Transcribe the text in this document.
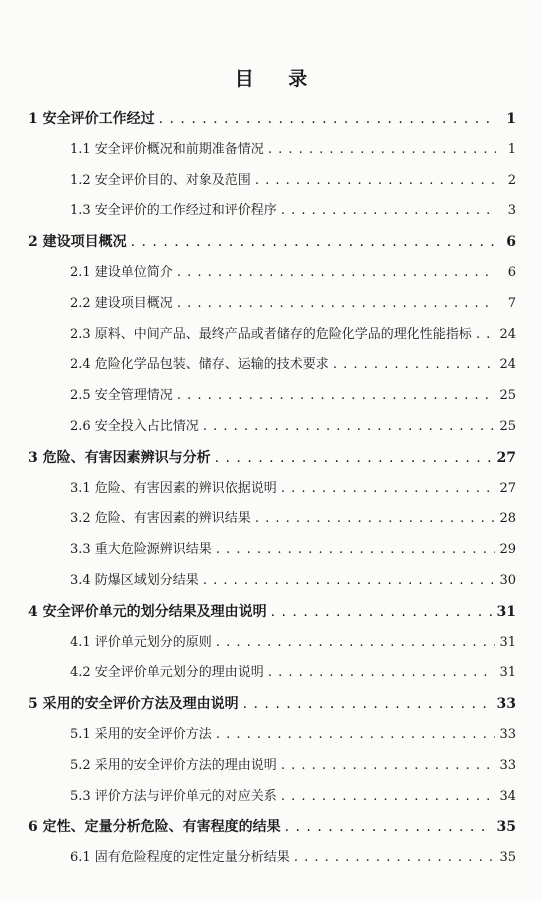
目 录
1 安全评价工作经过 . . .	1
1.1 安全评价概况和前期准备情况 . . .	1
1.2 安全评价目的、对象及范围 . . .	2
1.3 安全评价的工作经过和评价程序 . . .	3
2 建设项目概况 . . .	6
2.1 建设单位简介 . . .	6
2.2 建设项目概况 . . .	7
2.3 原料、中间产品、最终产品或者储存的危险化学品的理化性能指标 . . . 24
2.4 危险化学品包装、储存、运输的技术要求 . . .	24
2.5 安全管理情况 . . .	25
2.6 安全投入占比情况 . . .	25
3 危险、有害因素辨识与分析 . . .	27
3.1 危险、有害因素的辨识依据说明 . . .	27
3.2 危险、有害因素的辨识结果 . . .	28
3.3 重大危险源辨识结果 . . .	29
3.4 防爆区域划分结果 . . .	30
4 安全评价单元的划分结果及理由说明 . . .	31
4.1 评价单元划分的原则 . . .	31
4.2 安全评价单元划分的理由说明 . . .	31
5 采用的安全评价方法及理由说明 . . .	33
5.1 采用的安全评价方法 . . .	33
5.2 采用的安全评价方法的理由说明 . . .	33
5.3 评价方法与评价单元的对应关系 . . .	34
6 定性、定量分析危险、有害程度的结果 . . .	35
6.1 固有危险程度的定性定量分析结果 . . .	35
